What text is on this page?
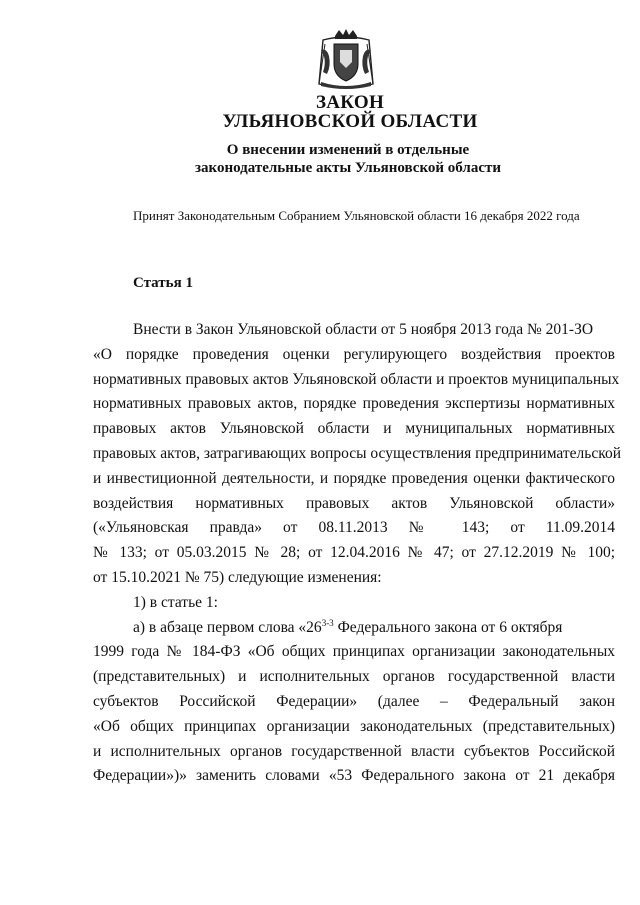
ЗАКОН
УЛЬЯНОВСКОЙ ОБЛАСТИ
О внесении изменений в отдельные
законодательные акты Ульяновской области
Принят Законодательным Собранием Ульяновской области 16 декабря 2022 года
Статья 1
Внести в Закон Ульяновской области от 5 ноября 2013 года № 201-ЗО
«О порядке проведения оценки регулирующего воздействия проектов
нормативных правовых актов Ульяновской области и проектов муниципальных
нормативных правовых актов, порядке проведения экспертизы нормативных
правовых актов Ульяновской области и муниципальных нормативных
правовых актов, затрагивающих вопросы осуществления предпринимательской
и инвестиционной деятельности, и порядке проведения оценки фактического
воздействия нормативных правовых актов Ульяновской области»
(«Ульяновская правда» от 08.11.2013 № 143; от 11.09.2014
№ 133; от 05.03.2015 № 28; от 12.04.2016 № 47; от 27.12.2019 № 100;
от 15.10.2021 № 75) следующие изменения:
1) в статье 1:
а) в абзаце первом слова «26$^{3-3}$ Федерального закона от 6 октября
1999 года № 184-ФЗ «Об общих принципах организации законодательных
(представительных) и исполнительных органов государственной власти
субъектов Российской Федерации» (далее – Федеральный закон
«Об общих принципах организации законодательных (представительных)
и исполнительных органов государственной власти субъектов Российской
Федерации»)» заменить словами «53 Федерального закона от 21 декабря
